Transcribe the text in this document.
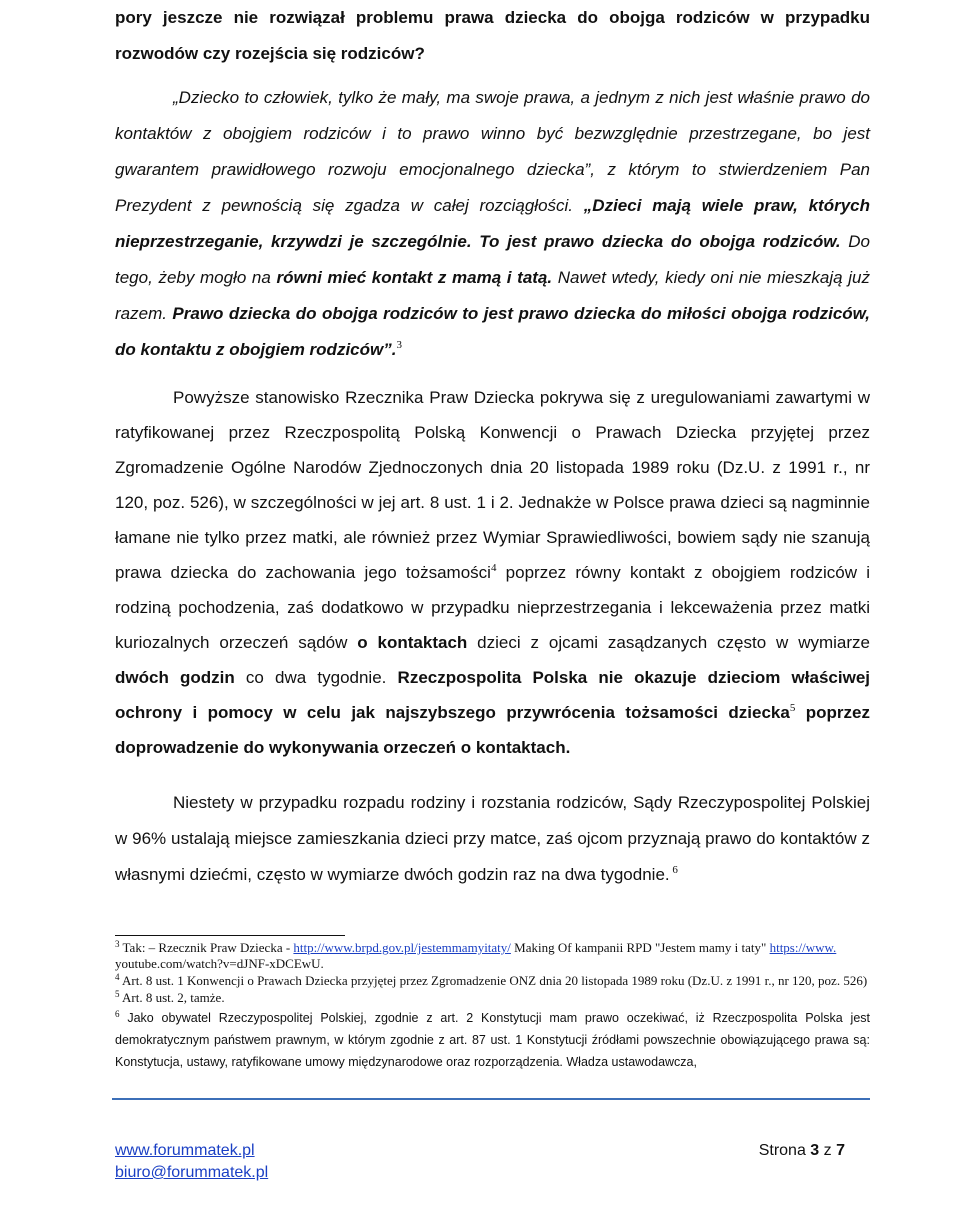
pory jeszcze nie rozwiązał problemu prawa dziecka do obojga rodziców w przypadku rozwodów czy rozejścia się rodziców?

„Dziecko to człowiek, tylko że mały, ma swoje prawa, a jednym z nich jest właśnie prawo do kontaktów z obojgiem rodziców i to prawo winno być bezwzględnie przestrzegane, bo jest gwarantem prawidłowego rozwoju emocjonalnego dziecka”, z którym to stwierdzeniem Pan Prezydent z pewnością się zgadza w całej rozciągłości. „Dzieci mają wiele praw, których nieprzestrzeganie, krzywdzi je szczególnie. To jest prawo dziecka do obojga rodziców. Do tego, żeby mogło na równi mieć kontakt z mamą i tatą. Nawet wtedy, kiedy oni nie mieszkają już razem. Prawo dziecka do obojga rodziców to jest prawo dziecka do miłości obojga rodziców, do kontaktu z obojgiem rodziców”.$^3$

Powyższe stanowisko Rzecznika Praw Dziecka pokrywa się z uregulowaniami zawartymi w ratyfikowanej przez Rzeczpospolitą Polską Konwencji o Prawach Dziecka przyjętej przez Zgromadzenie Ogólne Narodów Zjednoczonych dnia 20 listopada 1989 roku (Dz.U. z 1991 r., nr 120, poz. 526), w szczególności w jej art. 8 ust. 1 i 2. Jednakże w Polsce prawa dzieci są nagminnie łamane nie tylko przez matki, ale również przez Wymiar Sprawiedliwości, bowiem sądy nie szanują prawa dziecka do zachowania jego tożsamości$^4$ poprzez równy kontakt z obojgiem rodziców i rodziną pochodzenia, zaś dodatkowo w przypadku nieprzestrzegania i lekceważenia przez matki kuriozalnych orzeczeń sądów o kontaktach dzieci z ojcami zasądzanych często w wymiarze dwóch godzin co dwa tygodnie. Rzeczpospolita Polska nie okazuje dzieciom właściwej ochrony i pomocy w celu jak najszybszego przywrócenia tożsamości dziecka$^5$ poprzez doprowadzenie do wykonywania orzeczeń o kontaktach.

Niestety w przypadku rozpadu rodziny i rozstania rodziców, Sądy Rzeczypospolitej Polskiej w 96% ustalają miejsce zamieszkania dzieci przy matce, zaś ojcom przyznają prawo do kontaktów z własnymi dziećmi, często w wymiarze dwóch godzin raz na dwa tygodnie. $^6$

$^3$ Tak: – Rzecznik Praw Dziecka - http://www.brpd.gov.pl/jestemmamyitaty/ Making Of kampanii RPD "Jestem mamy i taty" https://www. youtube.com/watch?v=dJNF-xDCEwU.

$^4$ Art. 8 ust. 1 Konwencji o Prawach Dziecka przyjętej przez Zgromadzenie ONZ dnia 20 listopada 1989 roku (Dz.U. z 1991 r., nr 120, poz. 526)

$^5$ Art. 8 ust. 2, tamże.

$^6$ Jako obywatel Rzeczypospolitej Polskiej, zgodnie z art. 2 Konstytucji mam prawo oczekiwać, iż Rzeczpospolita Polska jest demokratycznym państwem prawnym, w którym zgodnie z art. 87 ust. 1 Konstytucji źródłami powszechnie obowiązującego prawa są: Konstytucja, ustawy, ratyfikowane umowy międzynarodowe oraz rozporządzenia. Władza ustawodawcza,

www.forummatek.pl
biuro@forummatek.pl
Strona 3 z 7
